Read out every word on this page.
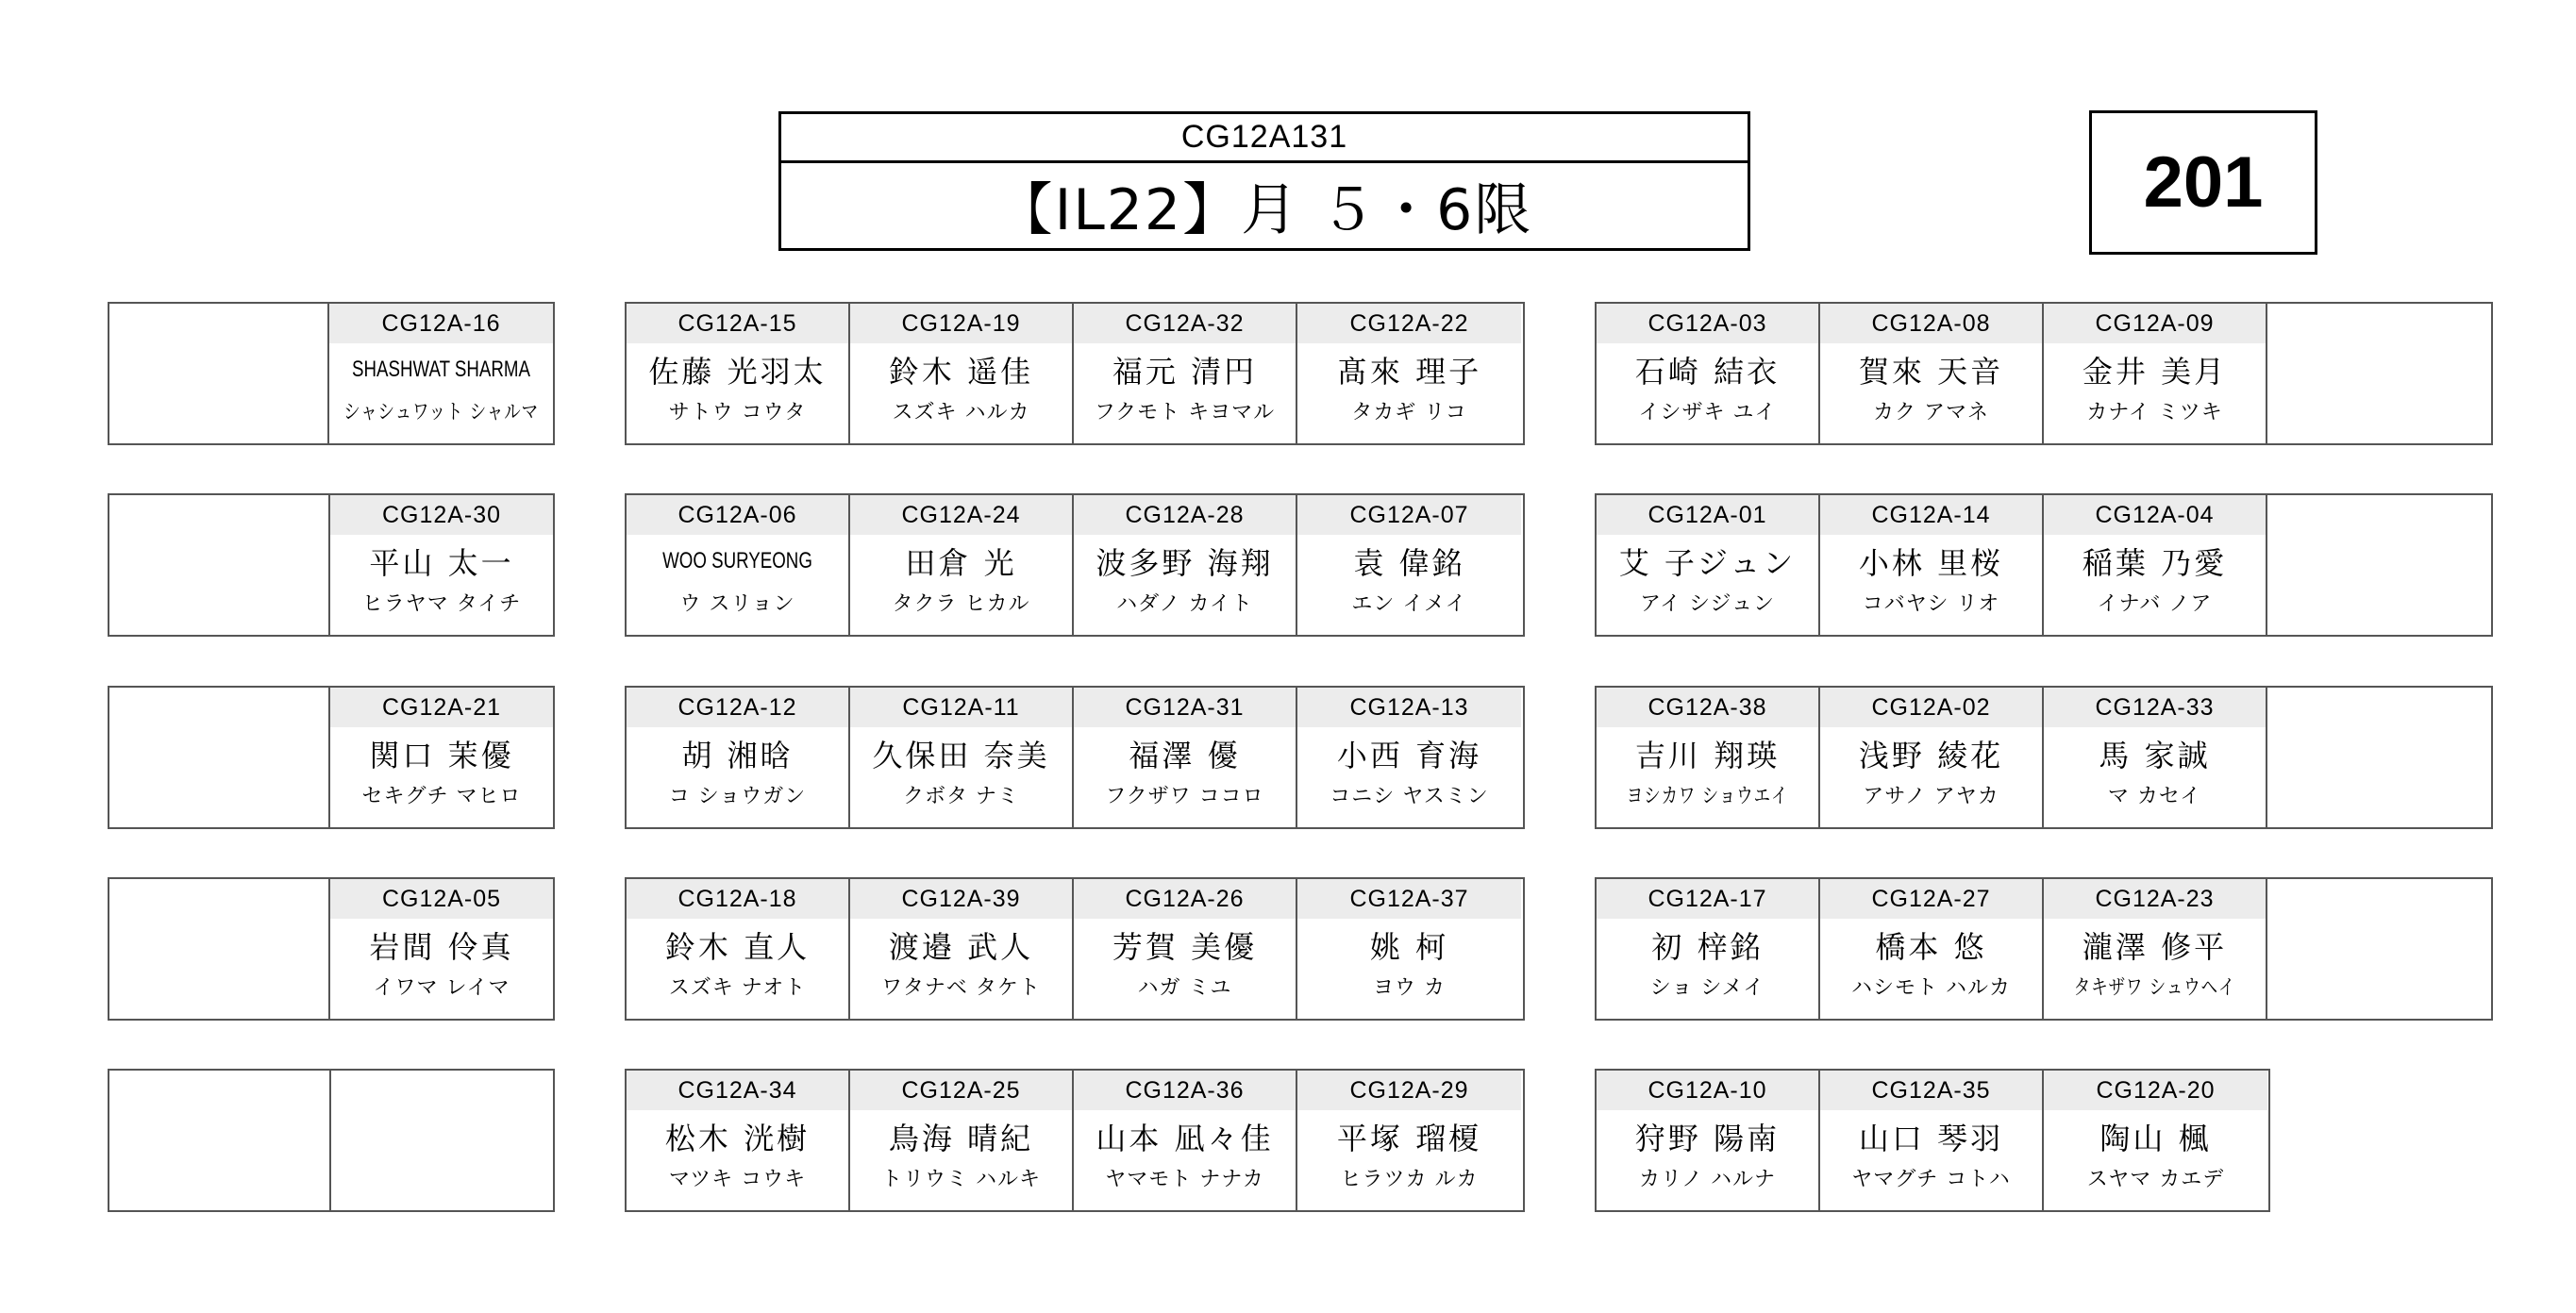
CG12A131
【IL22】月 ５・6限	201
CG12A-16
SHASHWAT SHARMA
シャシュワット シャルマ
CG12A-15
佐藤 光羽太
サトウ コウタ
CG12A-19
鈴木 遥佳
スズキ ハルカ
CG12A-32
福元 清円
フクモト キヨマル
CG12A-22
髙來 理子
タカギ リコ
CG12A-03
石崎 結衣
イシザキ ユイ
CG12A-08
賀來 天音
カク アマネ
CG12A-09
金井 美月
カナイ ミツキ
CG12A-30
平山 太一
ヒラヤマ タイチ
CG12A-06
WOO SURYEONG
ウ スリョン
CG12A-24
田倉 光
タクラ ヒカル
CG12A-28
波多野 海翔
ハダノ カイト
CG12A-07
袁 偉銘
エン イメイ
CG12A-01
艾 子ジュン
アイ シジュン
CG12A-14
小林 里桜
コバヤシ リオ
CG12A-04
稲葉 乃愛
イナバ ノア
CG12A-21
関口 茉優
セキグチ マヒロ
CG12A-12
胡 湘晗
コ ショウガン
CG12A-11
久保田 奈美
クボタ ナミ
CG12A-31
福澤 優
フクザワ ココロ
CG12A-13
小西 育海
コニシ ヤスミン
CG12A-38
吉川 翔瑛
ヨシカワ ショウエイ
CG12A-02
浅野 綾花
アサノ アヤカ
CG12A-33
馬 家誠
マ カセイ
CG12A-05
岩間 伶真
イワマ レイマ
CG12A-18
鈴木 直人
スズキ ナオト
CG12A-39
渡邉 武人
ワタナベ タケト
CG12A-26
芳賀 美優
ハガ ミユ
CG12A-37
姚 柯
ヨウ カ
CG12A-17
初 梓銘
ショ シメイ
CG12A-27
橋本 悠
ハシモト ハルカ
CG12A-23
瀧澤 修平
タキザワ シュウヘイ
CG12A-34
松木 洸樹
マツキ コウキ
CG12A-25
鳥海 晴紀
トリウミ ハルキ
CG12A-36
山本 凪々佳
ヤマモト ナナカ
CG12A-29
平塚 瑠榎
ヒラツカ ルカ
CG12A-10
狩野 陽南
カリノ ハルナ
CG12A-35
山口 琴羽
ヤマグチ コトハ
CG12A-20
陶山 楓
スヤマ カエデ
